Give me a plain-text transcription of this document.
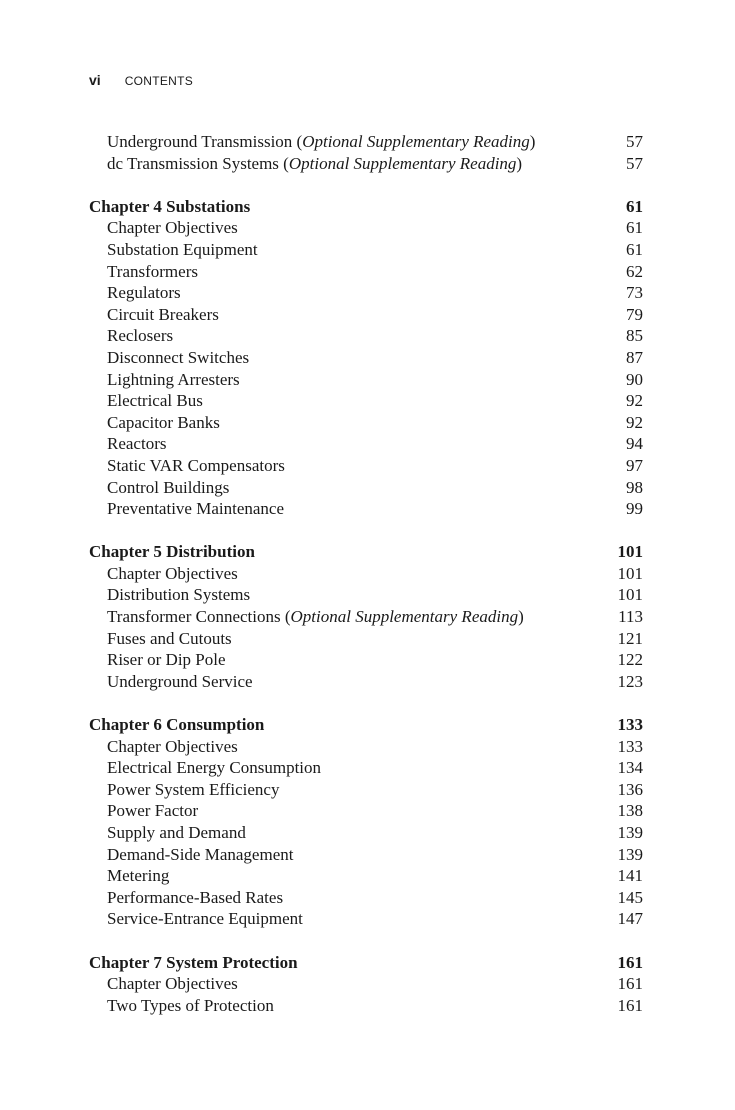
vi CONTENTS
Underground Transmission (Optional Supplementary Reading)	57
dc Transmission Systems (Optional Supplementary Reading)	57
Chapter 4 Substations	61
Chapter Objectives	61
Substation Equipment	61
Transformers	62
Regulators	73
Circuit Breakers	79
Reclosers	85
Disconnect Switches	87
Lightning Arresters	90
Electrical Bus	92
Capacitor Banks	92
Reactors	94
Static VAR Compensators	97
Control Buildings	98
Preventative Maintenance	99
Chapter 5 Distribution	101
Chapter Objectives	101
Distribution Systems	101
Transformer Connections (Optional Supplementary Reading)	113
Fuses and Cutouts	121
Riser or Dip Pole	122
Underground Service	123
Chapter 6 Consumption	133
Chapter Objectives	133
Electrical Energy Consumption	134
Power System Efficiency	136
Power Factor	138
Supply and Demand	139
Demand-Side Management	139
Metering	141
Performance-Based Rates	145
Service-Entrance Equipment	147
Chapter 7 System Protection	161
Chapter Objectives	161
Two Types of Protection	161
